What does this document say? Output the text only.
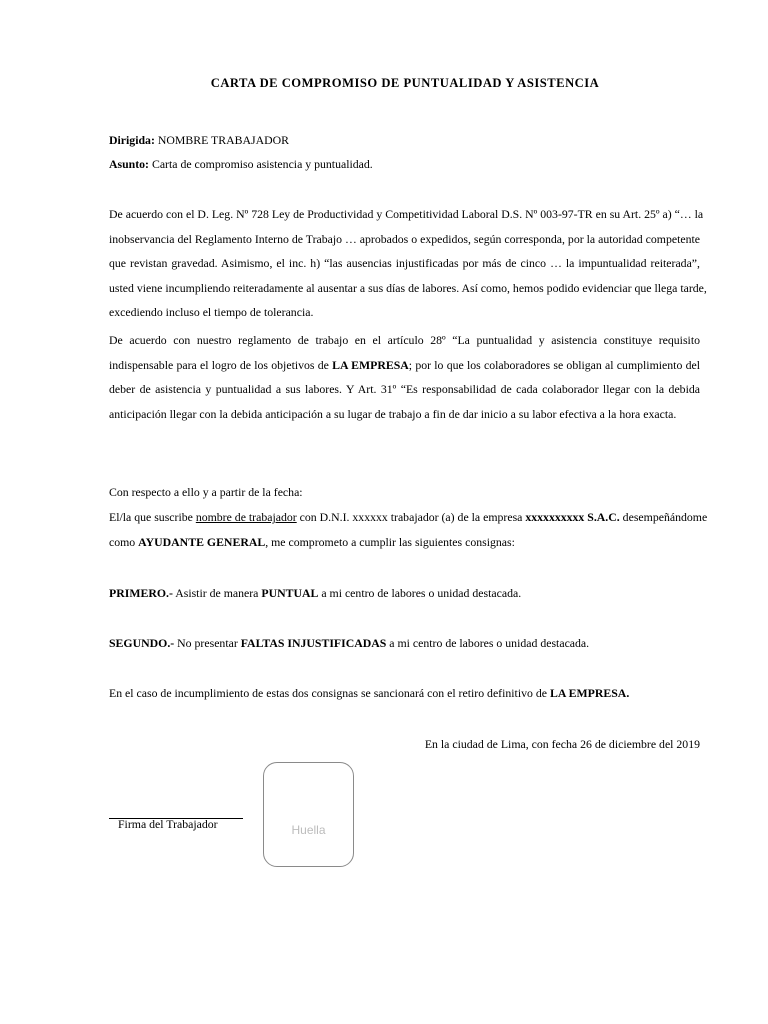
CARTA DE COMPROMISO DE PUNTUALIDAD Y ASISTENCIA
Dirigida: NOMBRE TRABAJADOR
Asunto: Carta de compromiso asistencia y puntualidad.
De acuerdo con el D. Leg. Nº 728 Ley de Productividad y Competitividad Laboral D.S. Nº 003-97-TR en su Art. 25º a) “… la
inobservancia del Reglamento Interno de Trabajo … aprobados o expedidos, según corresponda, por la autoridad competente
que revistan gravedad. Asimismo, el inc. h) “las ausencias injustificadas por más de cinco … la impuntualidad reiterada”,
usted viene incumpliendo reiteradamente al ausentar a sus días de labores. Así como, hemos podido evidenciar que llega tarde,
excediendo incluso el tiempo de tolerancia.
De acuerdo con nuestro reglamento de trabajo en el artículo 28º “La puntualidad y asistencia constituye requisito
indispensable para el logro de los objetivos de LA EMPRESA; por lo que los colaboradores se obligan al cumplimiento del
deber de asistencia y puntualidad a sus labores. Y Art. 31º “Es responsabilidad de cada colaborador llegar con la debida
anticipación llegar con la debida anticipación a su lugar de trabajo a fin de dar inicio a su labor efectiva a la hora exacta.
Con respecto a ello y a partir de la fecha:
El/la que suscribe nombre de trabajador con D.N.I. xxxxxx trabajador (a) de la empresa xxxxxxxxxx S.A.C. desempeñándome
como AYUDANTE GENERAL, me comprometo a cumplir las siguientes consignas:
PRIMERO.- Asistir de manera PUNTUAL a mi centro de labores o unidad destacada.
SEGUNDO.- No presentar FALTAS INJUSTIFICADAS a mi centro de labores o unidad destacada.
En el caso de incumplimiento de estas dos consignas se sancionará con el retiro definitivo de LA EMPRESA.
En la ciudad de Lima, con fecha 26 de diciembre del 2019
Huella
Firma del Trabajador
